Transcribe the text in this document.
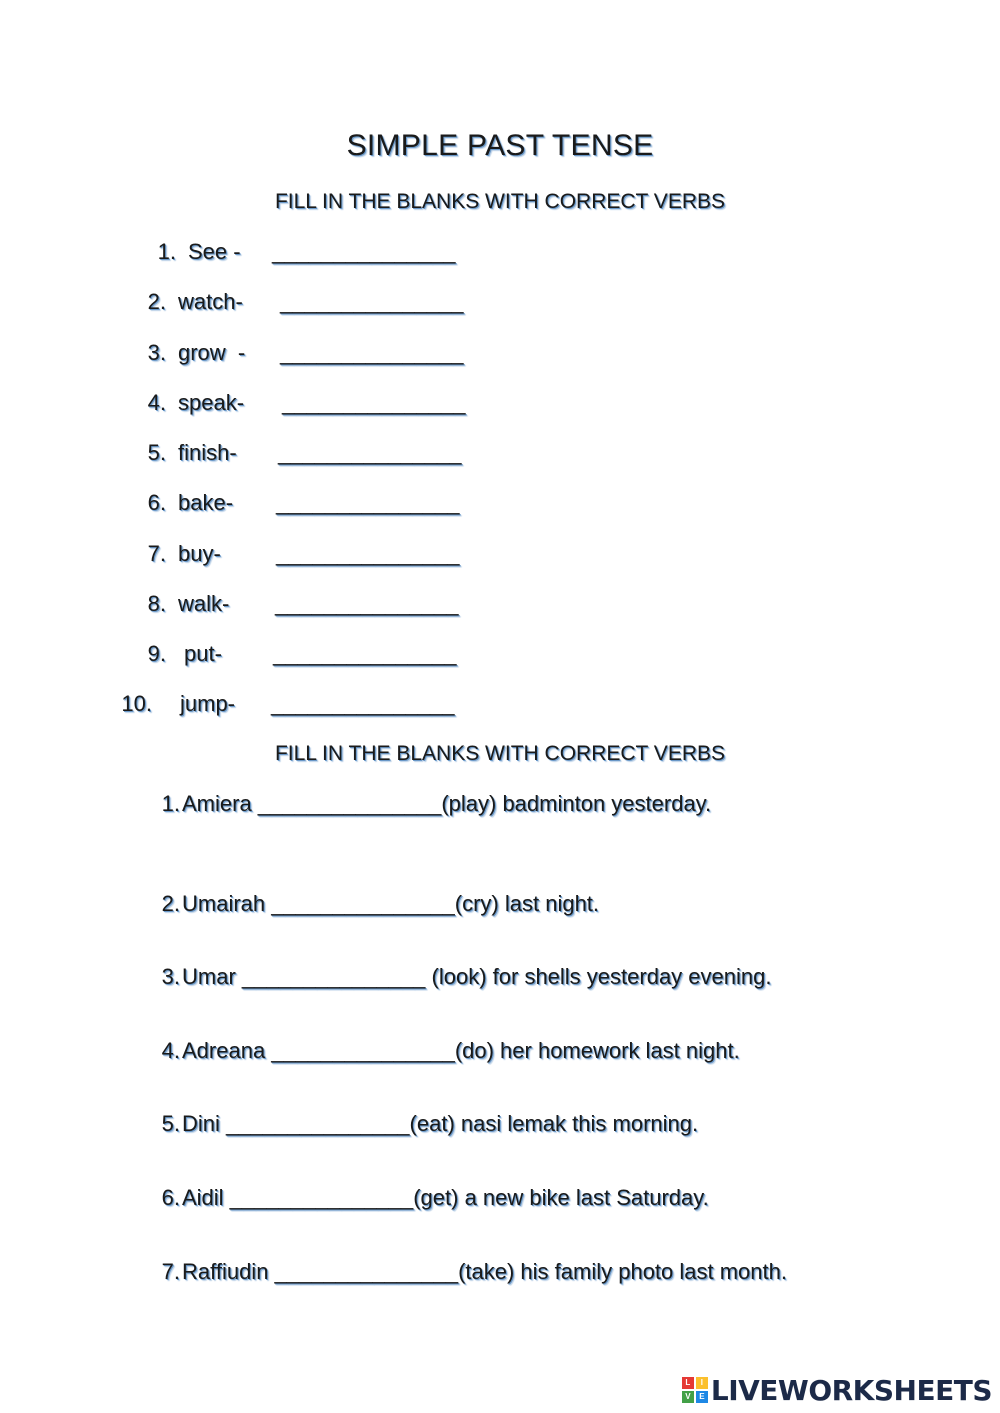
SIMPLE PAST TENSE
FILL IN THE BLANKS WITH CORRECT VERBS
1. See - _______________
2. watch- _______________
3. grow  - _______________
4. speak- _______________
5. finish- _______________
6. bake- _______________
7. buy-	_______________
8. walk- _______________
9. put- _______________
10. jump- _______________
FILL IN THE BLANKS WITH CORRECT VERBS
1. Amiera _______________(play) badminton yesterday.
2. Umairah _______________(cry) last night.
3. Umar _______________ (look) for shells yesterday evening.
4. Adreana _______________(do) her homework last night.
5. Dini _______________(eat) nasi lemak this morning.
6. Aidil _______________(get) a new bike last Saturday.
7. Raffiudin _______________(take) his family photo last month.
L	I
V	E LIVEWORKSHEETS
